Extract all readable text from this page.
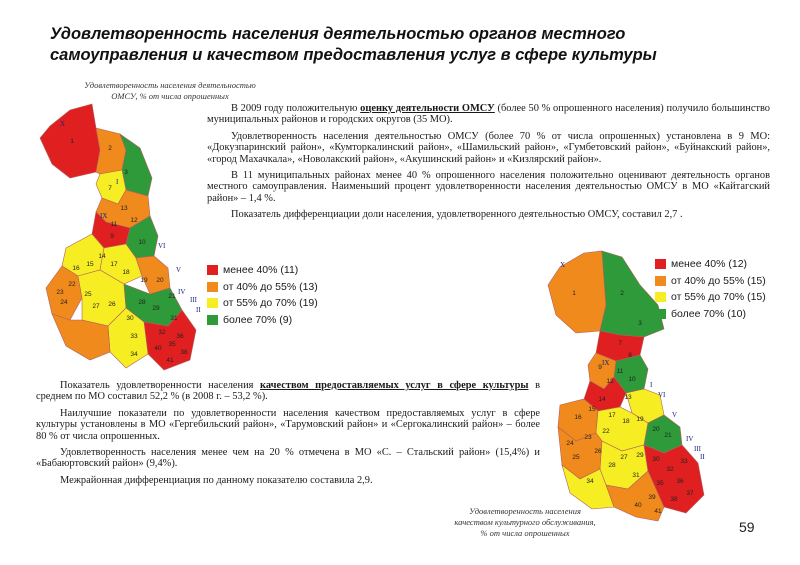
Удовлетворенность населения деятельностью органов местного самоуправления и качеством предоставления услуг в сфере культуры
Удовлетворенность населения деятельностью
ОМСУ, % от числа опрошенных
1
2
3
7
9
10
11
12
13
14
15
16
17
18
19 20
21
22
23
24
25
26
27
28
29
30	31
32
33
34
35
36
38
40
41
X
I
IX
VI
V
IV
III
II
менее 40% (11)
от 40% до 55% (13)
от 55% до 70% (19)
более 70% (9)

В 2009 году положительную оценку деятельности ОМСУ (более 50 % опрошенного населения) получило большинство муниципальных районов и городских округов (35 МО).

Удовлетворенность населения деятельностью ОМСУ (более 70 % от числа опрошенных) установлена в 9 МО: «Докузпаринский район», «Кумторкалинский район», «Шамильский район», «Гумбетовский район», «Буйнакский район», «город Махачкала», «Новолакский район», «Акушинский район» и «Кизлярский район».

В 11 муниципальных районах менее 40 % опрошенного населения положительно оценивают деятельность органов местного самоуправления. Наименьший процент удовлетворенности населения деятельностью ОМСУ в МО «Кайтагский район» – 1,4 %.

Показатель дифференциации доли населения, удовлетворенного деятельностью ОМСУ, составил 2,7 .

1	2
3
7
8
9
10
11
12
13
14
15
16	17
18 19
20
21
22
23
24
25
26
27
28
29
30
31
32
33
34	35 36
37
38
39
40
41
X
I
IX
VI
V
IV
III
II
менее 40% (12)
от 40% до 55% (15)
от 55% до 70% (15)
более 70% (10)

Показатель удовлетворенности населения качеством предоставляемых услуг в сфере культуры в среднем по МО составил 52,2 % (в 2008 г. – 53,2 %).

Наилучшие показатели по удовлетворенности населения качеством предоставляемых услуг в сфере культуры установлены в МО «Гергебильский район», «Тарумовский район» и «Сергокалинский район» – более 80 % от числа опрошенных.

Удовлетворенность населения менее чем на 20 % отмечена в МО «С. – Стальский район» (15,4%) и «Бабаюртовский район» (9,4%).

Межрайонная дифференциация по данному показателю составила 2,9.

Удовлетворенность населения
качеством культурного обслуживания,
% от числа опрошенных	59
